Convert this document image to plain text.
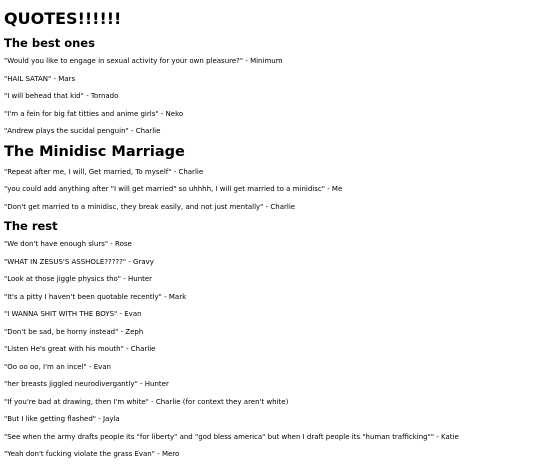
QUOTES!!!!!!
The best ones
"Would you like to engage in sexual activity for your own pleasure?" - Minimum
"HAIL SATAN" - Mars
"I will behead that kid" - Tornado
"I'm a fein for big fat titties and anime girls" - Neko
"Andrew plays the sucidal penguin" - Charlie
The Minidisc Marriage
"Repeat after me, I will, Get married, To myself" - Charlie
"you could add anything after "I will get married" so uhhhh, I will get married to a minidisc" - Me
"Don't get married to a minidisc, they break easily, and not just mentally" - Charlie
The rest
"We don't have enough slurs" - Rose
"WHAT IN ZESUS'S ASSHOLE?????" - Gravy
"Look at those jiggle physics tho" - Hunter
"It's a pitty I haven't been quotable recently" - Mark
"I WANNA SHIT WITH THE BOYS" - Evan
"Don't be sad, be horny instead" - Zeph
"Listen He's great with his mouth" - Charlie
"Oo oo oo, I'm an incel" - Evan
"her breasts jiggled neurodivergantly" - Hunter
"If you're bad at drawing, then I'm white" - Charlie (for context they aren't white)
"But I like getting flashed" - Jayla
"See when the army drafts people its "for liberty" and "god bless america" but when I draft people its "human trafficking"" - Katie
"Yeah don't fucking violate the grass Evan" - Mero
